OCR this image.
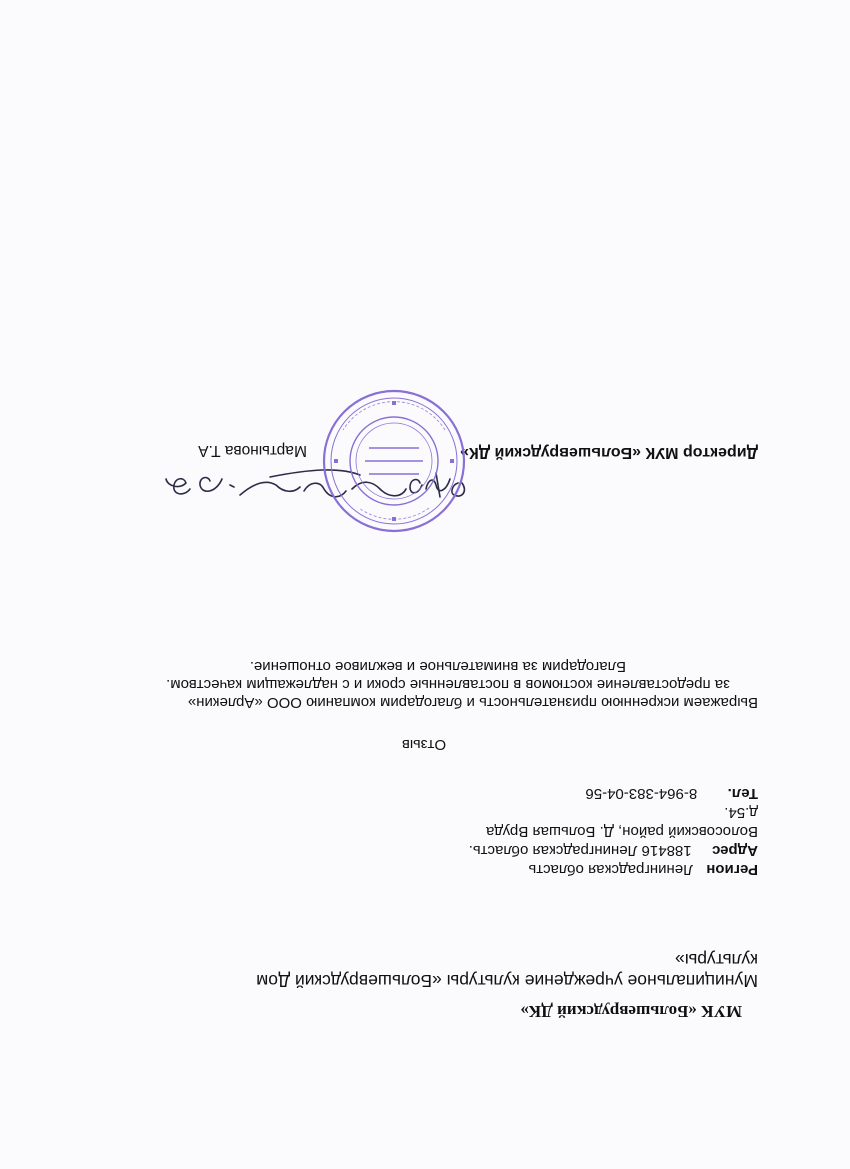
МУК «Большеврудский ДК»
Муниципальное учреждение культуры «Большеврудский Дом
культуры»
Регион  Ленинградская область
Адрес  188416 Ленинградская область.
Волосовский район, Д. Большая Вруда
д.54.
Тел.  8-964-383-04-56
Отзыв
Выражаем искреннюю признательность и благодарим компанию ООО «Арлекин»
за предоставление костюмов в поставленные сроки и с надлежащим качеством.
Благодарим за внимательное и вежливое отношение.
Директор МУК «Большеврудский ДК»
Мартынова Т.А
